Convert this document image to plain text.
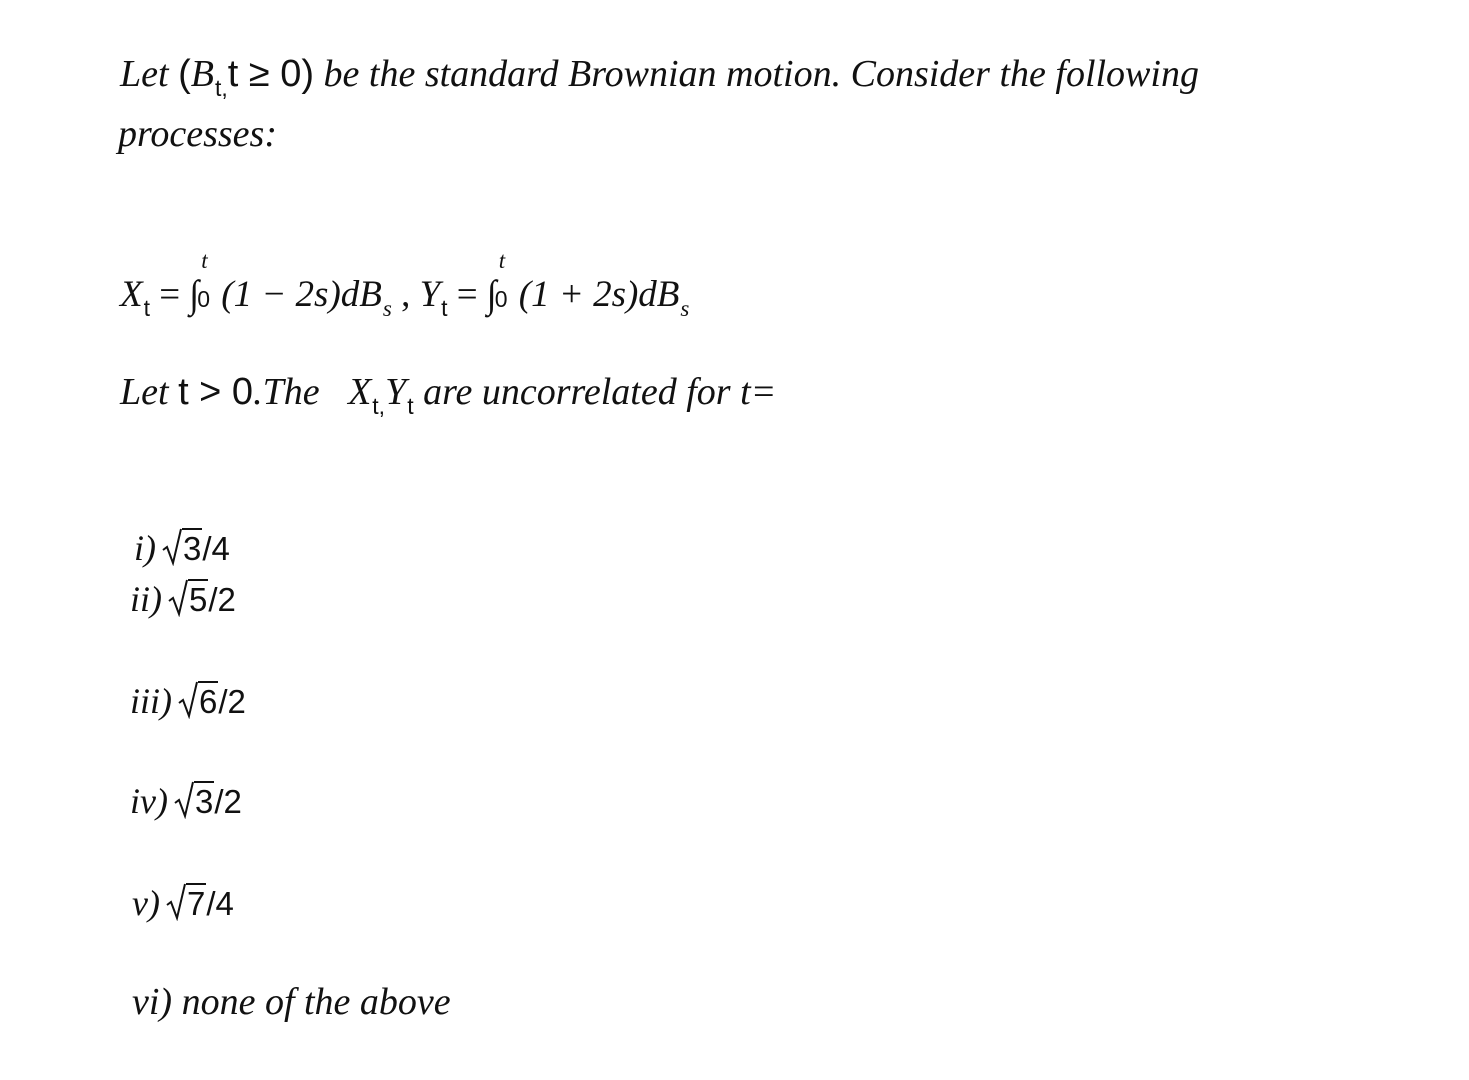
Let $(B_{t,}t \ge 0)$ be the standard Brownian motion. Consider the following
processes:
$X_t$ = ∫
t
0 $(1 - 2s)dB_s$ , $Y_t$ = ∫
t
0 $(1 + 2s)dB_s$
Let t > 0.The $X_{t,}Y_t$ are uncorrelated for t=
i) 3/4
ii) 5/2
iii) 6/2
iv) 3/2
v) 7/4
vi) none of the above
